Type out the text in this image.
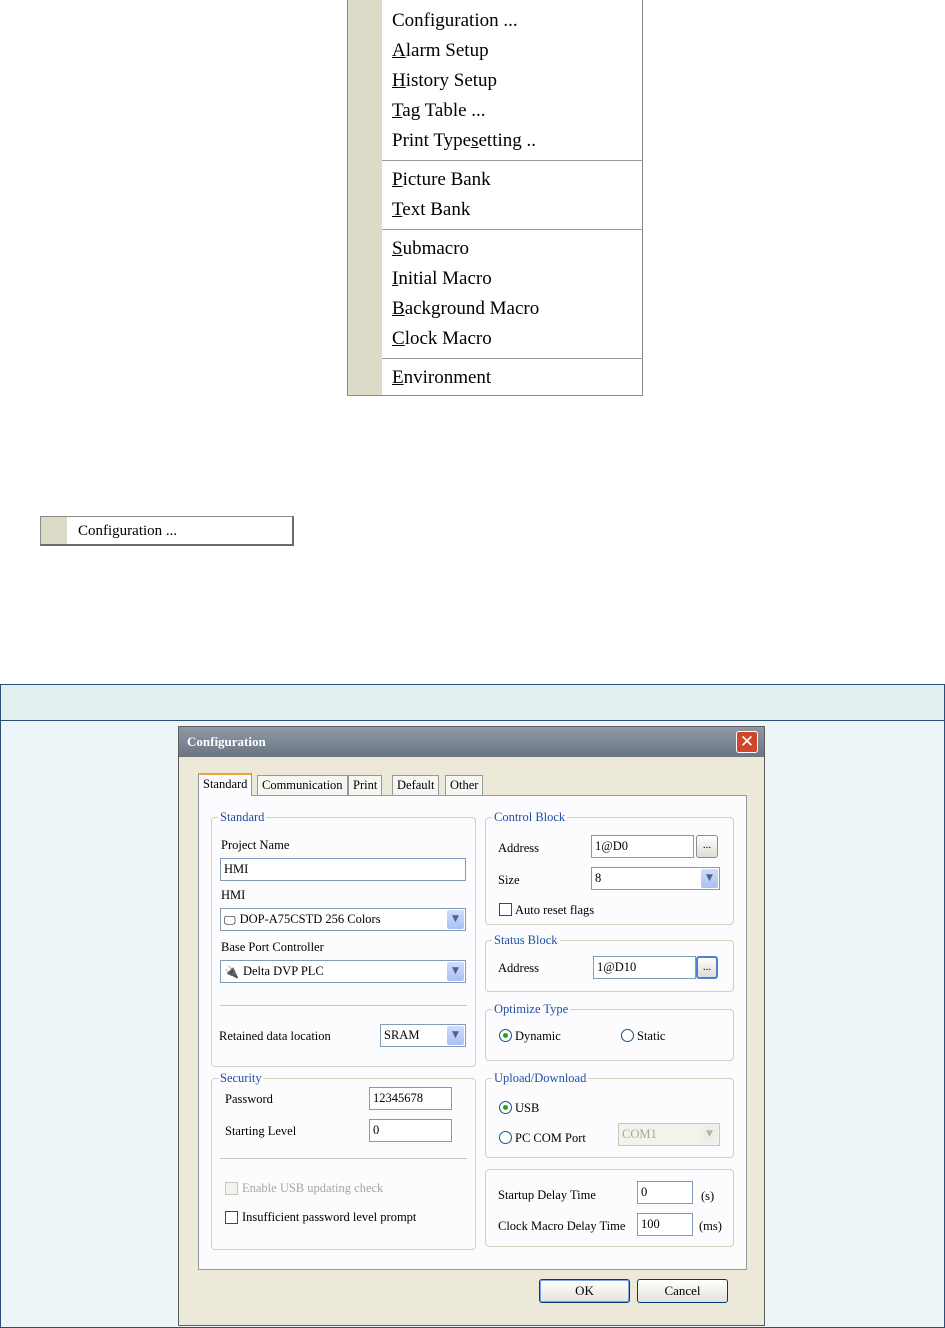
Configuration ...
Alarm Setup
History Setup
Tag Table ...
Print Typesetting ..
Picture Bank
Text Bank
Submacro
Initial Macro
Background Macro
Clock Macro
Environment
Configuration ...
Configuration	✕
Standard	Communication Print	Default	Other
Standard
Project Name
HMI
HMI
🖵 DOP-A75CSTD 256 Colors	▼
Base Port Controller
🔌 Delta DVP PLC	▼
Retained data location	SRAM	▼
Security
Password	12345678
Starting Level	0
Enable USB updating check
Insufficient password level prompt
Control Block
Address	1@D0	...
Size	8	▼
Auto reset flags
Status Block
Address	1@D10	...
Optimize Type
Dynamic	Static
Upload/Download
USB
PC COM Port	COM1	▼
Startup Delay Time	0	(s)
Clock Macro Delay Time	100	(ms)
OK	Cancel
